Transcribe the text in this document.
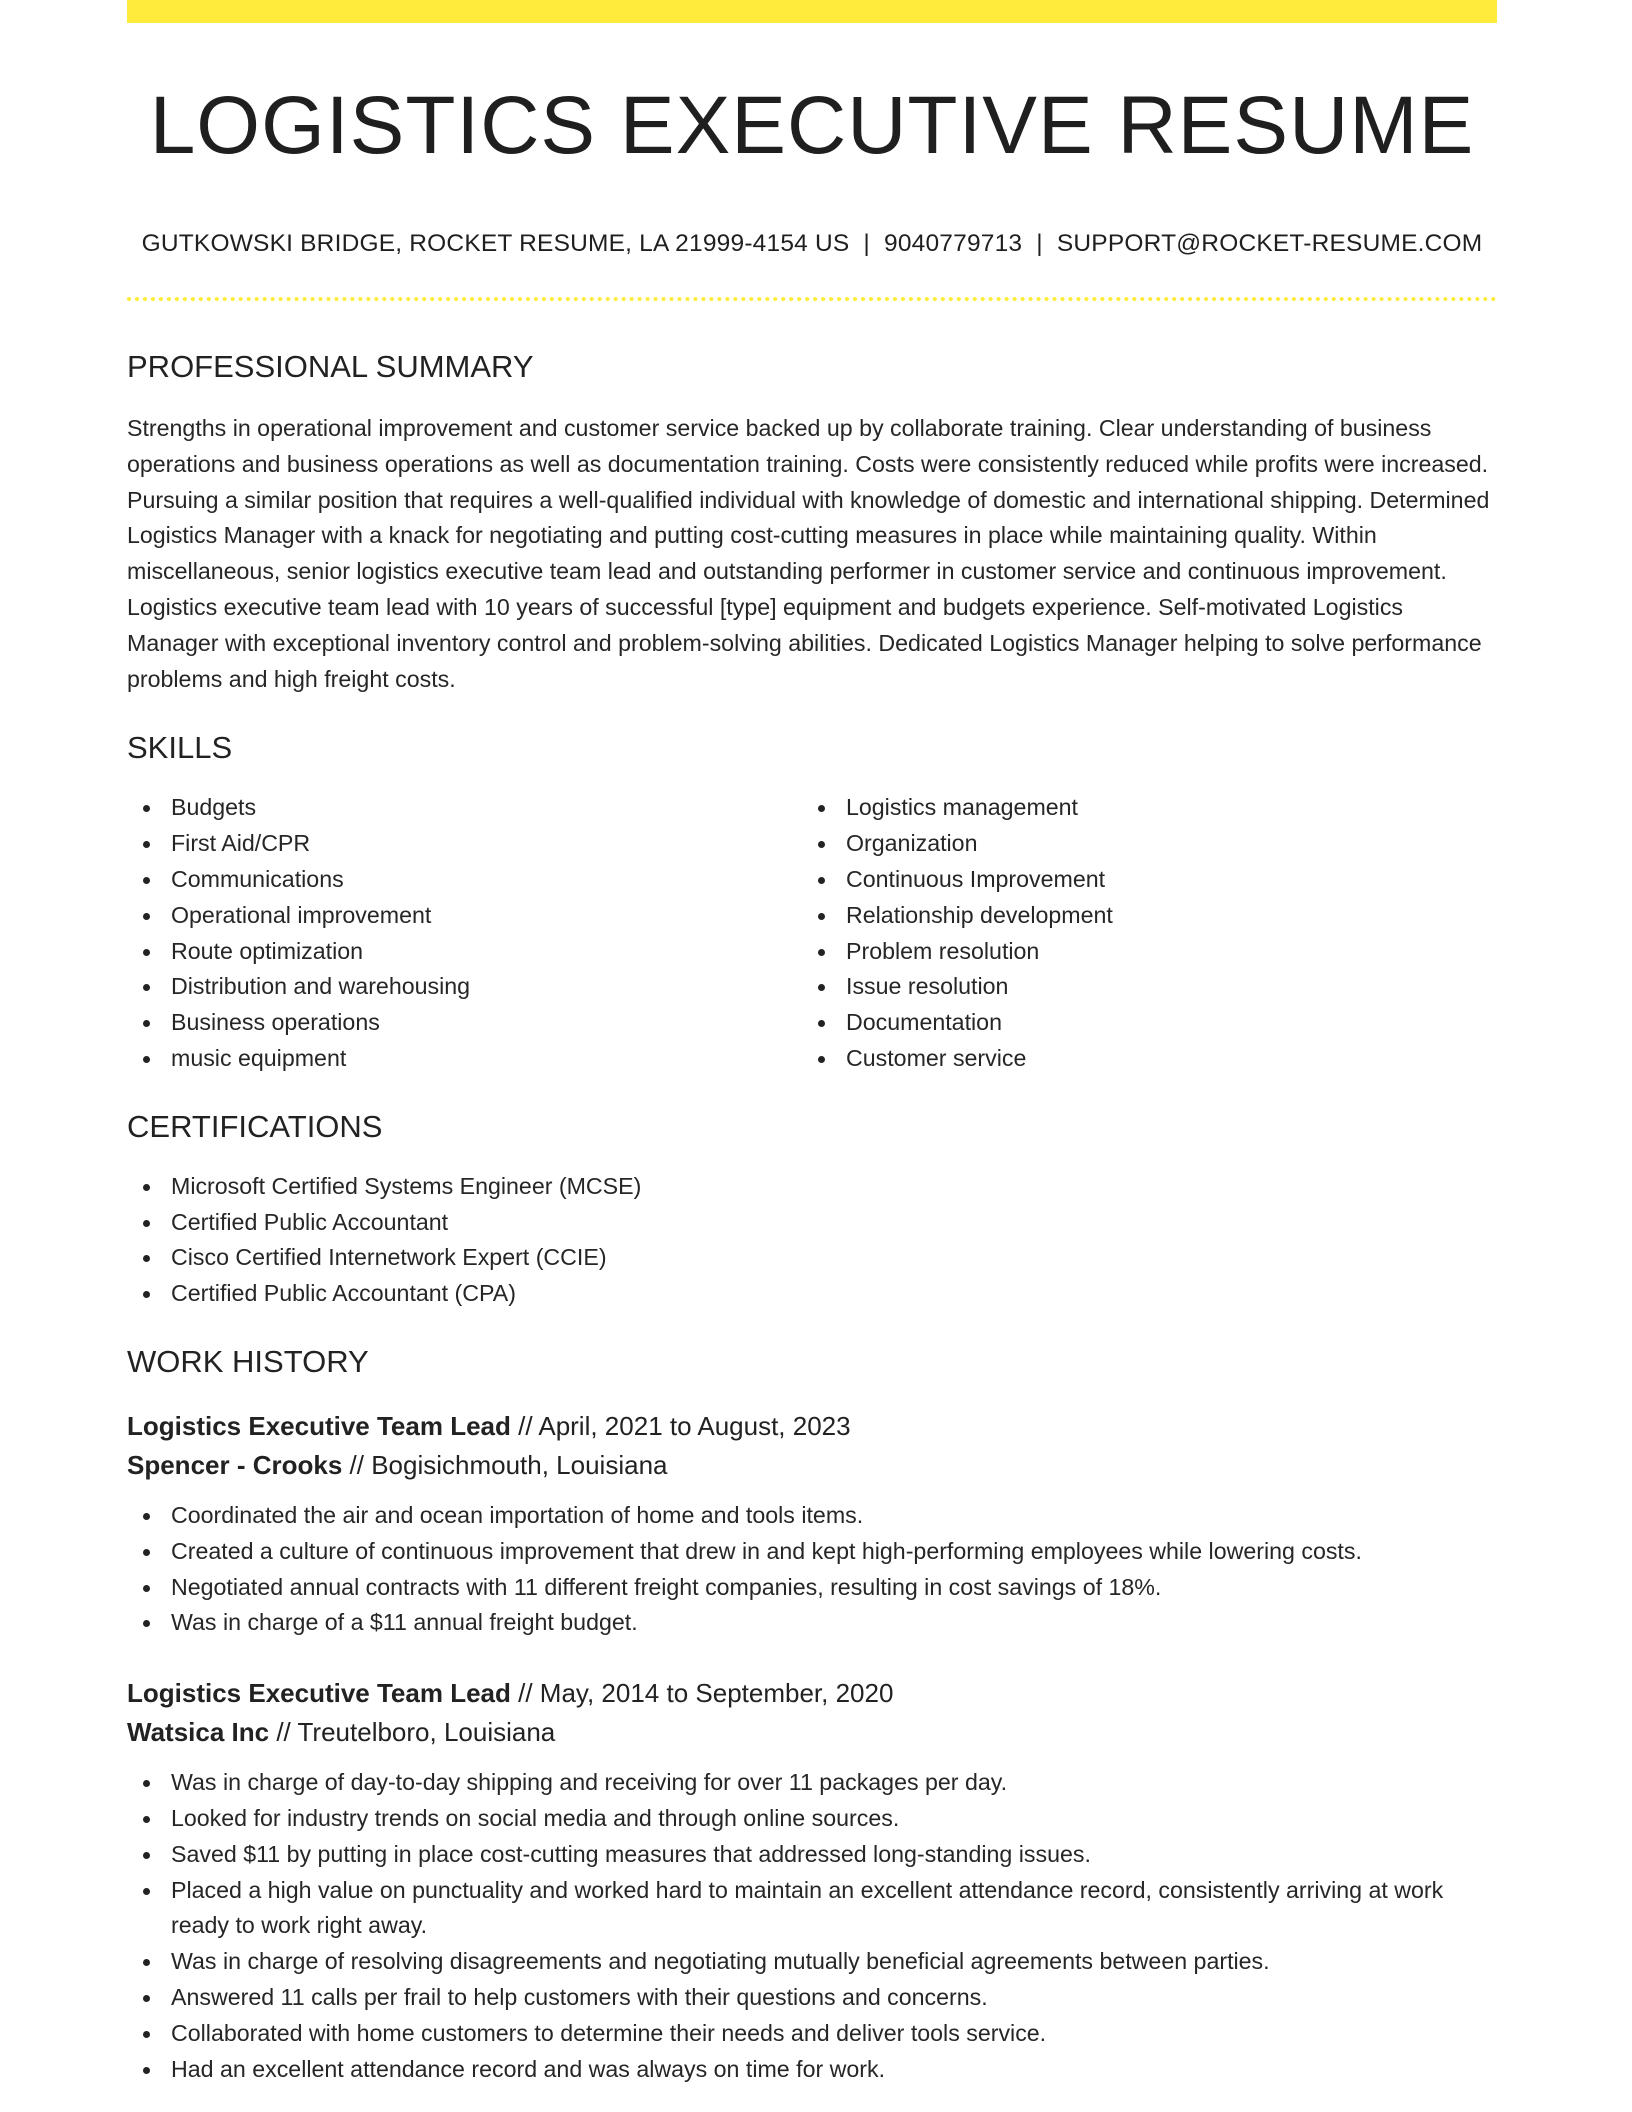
LOGISTICS EXECUTIVE RESUME
GUTKOWSKI BRIDGE, ROCKET RESUME, LA 21999-4154 US | 9040779713 | SUPPORT@ROCKET-RESUME.COM
PROFESSIONAL SUMMARY

Strengths in operational improvement and customer service backed up by collaborate training. Clear understanding of business operations and business operations as well as documentation training. Costs were consistently reduced while profits were increased. Pursuing a similar position that requires a well-qualified individual with knowledge of domestic and international shipping. Determined Logistics Manager with a knack for negotiating and putting cost-cutting measures in place while maintaining quality. Within miscellaneous, senior logistics executive team lead and outstanding performer in customer service and continuous improvement. Logistics executive team lead with 10 years of successful [type] equipment and budgets experience. Self-motivated Logistics Manager with exceptional inventory control and problem-solving abilities. Dedicated Logistics Manager helping to solve performance problems and high freight costs.

SKILLS
Budgets
First Aid/CPR
Communications
Operational improvement
Route optimization
Distribution and warehousing
Business operations
music equipment
Logistics management
Organization
Continuous Improvement
Relationship development
Problem resolution
Issue resolution
Documentation
Customer service
CERTIFICATIONS
Microsoft Certified Systems Engineer (MCSE)
Certified Public Accountant
Cisco Certified Internetwork Expert (CCIE)
Certified Public Accountant (CPA)
WORK HISTORY
Logistics Executive Team Lead // April, 2021 to August, 2023
Spencer - Crooks // Bogisichmouth, Louisiana
Coordinated the air and ocean importation of home and tools items.
Created a culture of continuous improvement that drew in and kept high-performing employees while lowering costs.
Negotiated annual contracts with 11 different freight companies, resulting in cost savings of 18%.
Was in charge of a $11 annual freight budget.
Logistics Executive Team Lead // May, 2014 to September, 2020
Watsica Inc // Treutelboro, Louisiana
Was in charge of day-to-day shipping and receiving for over 11 packages per day.
Looked for industry trends on social media and through online sources.
Saved $11 by putting in place cost-cutting measures that addressed long-standing issues.
Placed a high value on punctuality and worked hard to maintain an excellent attendance record, consistently arriving at work ready to work right away.
Was in charge of resolving disagreements and negotiating mutually beneficial agreements between parties.
Answered 11 calls per frail to help customers with their questions and concerns.
Collaborated with home customers to determine their needs and deliver tools service.
Had an excellent attendance record and was always on time for work.
